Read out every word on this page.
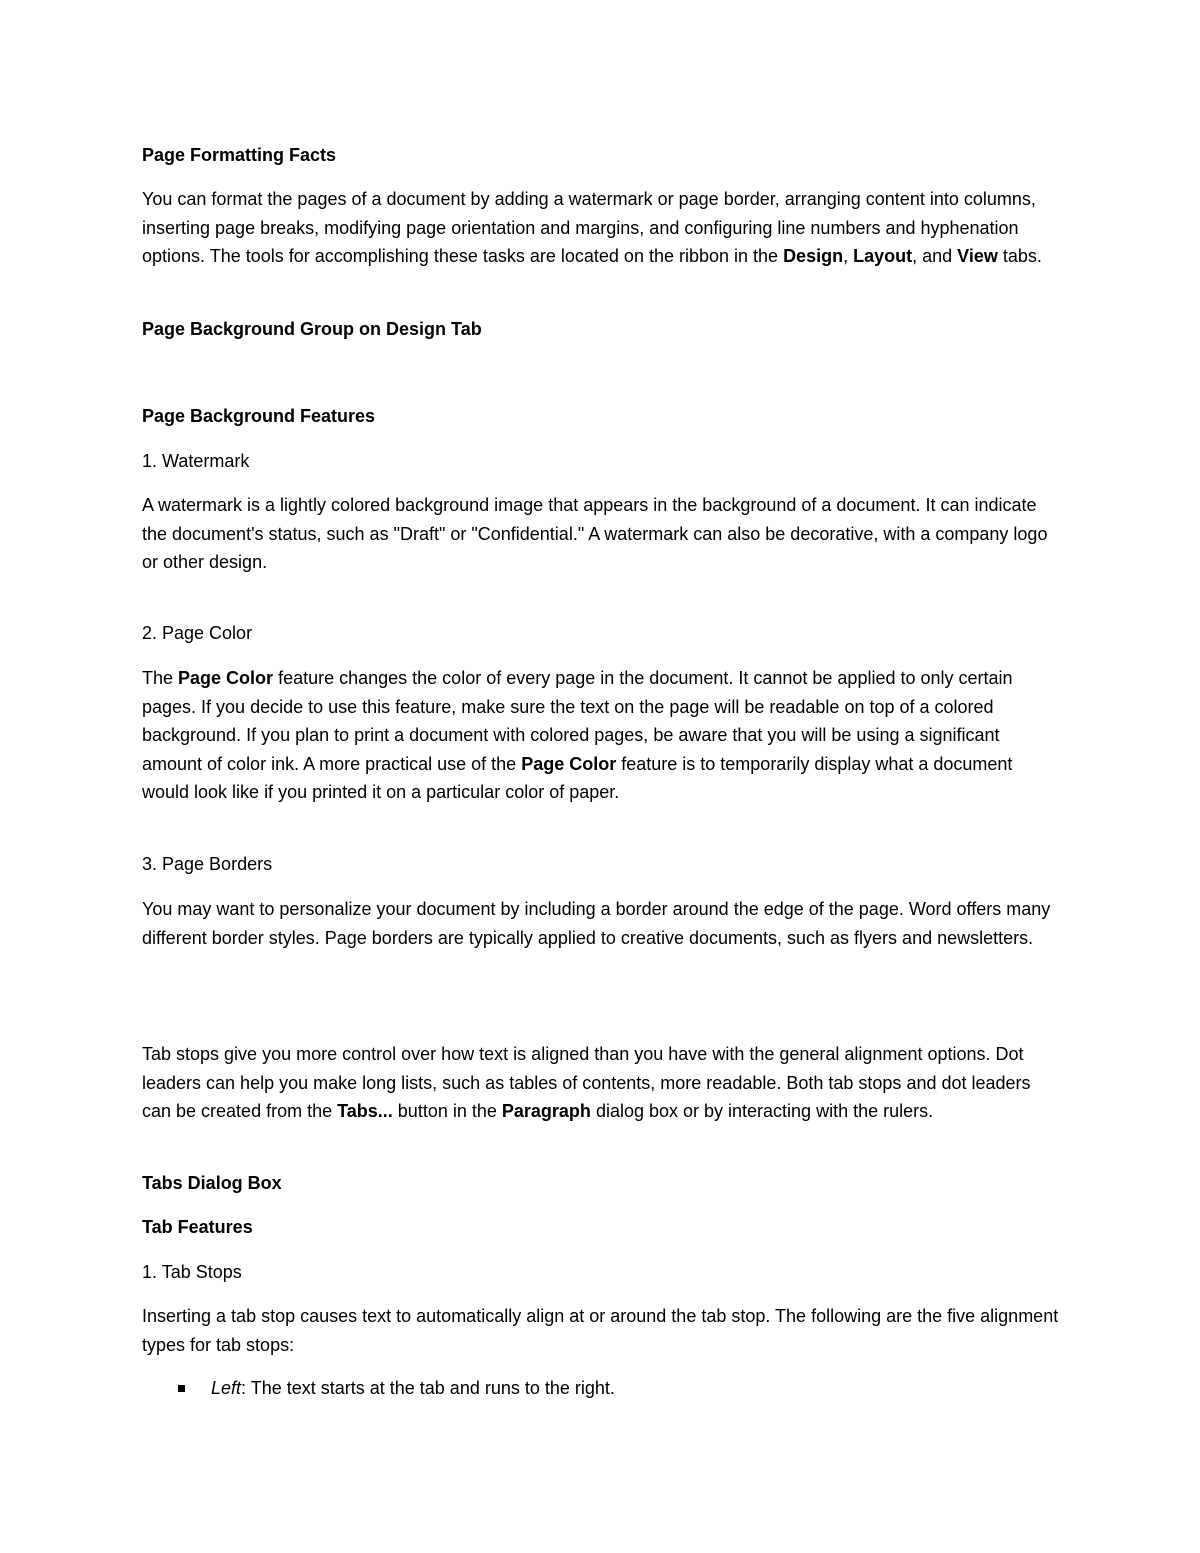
Page Formatting Facts

You can format the pages of a document by adding a watermark or page border, arranging content into columns, inserting page breaks, modifying page orientation and margins, and configuring line numbers and hyphenation options. The tools for accomplishing these tasks are located on the ribbon in the Design, Layout, and View tabs.

Page Background Group on Design Tab

Page Background Features

1. Watermark

A watermark is a lightly colored background image that appears in the background of a document. It can indicate the document's status, such as "Draft" or "Confidential." A watermark can also be decorative, with a company logo or other design.

2. Page Color

The Page Color feature changes the color of every page in the document. It cannot be applied to only certain pages. If you decide to use this feature, make sure the text on the page will be readable on top of a colored background. If you plan to print a document with colored pages, be aware that you will be using a significant amount of color ink. A more practical use of the Page Color feature is to temporarily display what a document would look like if you printed it on a particular color of paper.

3. Page Borders

You may want to personalize your document by including a border around the edge of the page. Word offers many different border styles. Page borders are typically applied to creative documents, such as flyers and newsletters.

Tab stops give you more control over how text is aligned than you have with the general alignment options. Dot leaders can help you make long lists, such as tables of contents, more readable. Both tab stops and dot leaders can be created from the Tabs... button in the Paragraph dialog box or by interacting with the rulers.

Tabs Dialog Box

Tab Features

1. Tab Stops

Inserting a tab stop causes text to automatically align at or around the tab stop. The following are the five alignment types for tab stops:

Left: The text starts at the tab and runs to the right.
